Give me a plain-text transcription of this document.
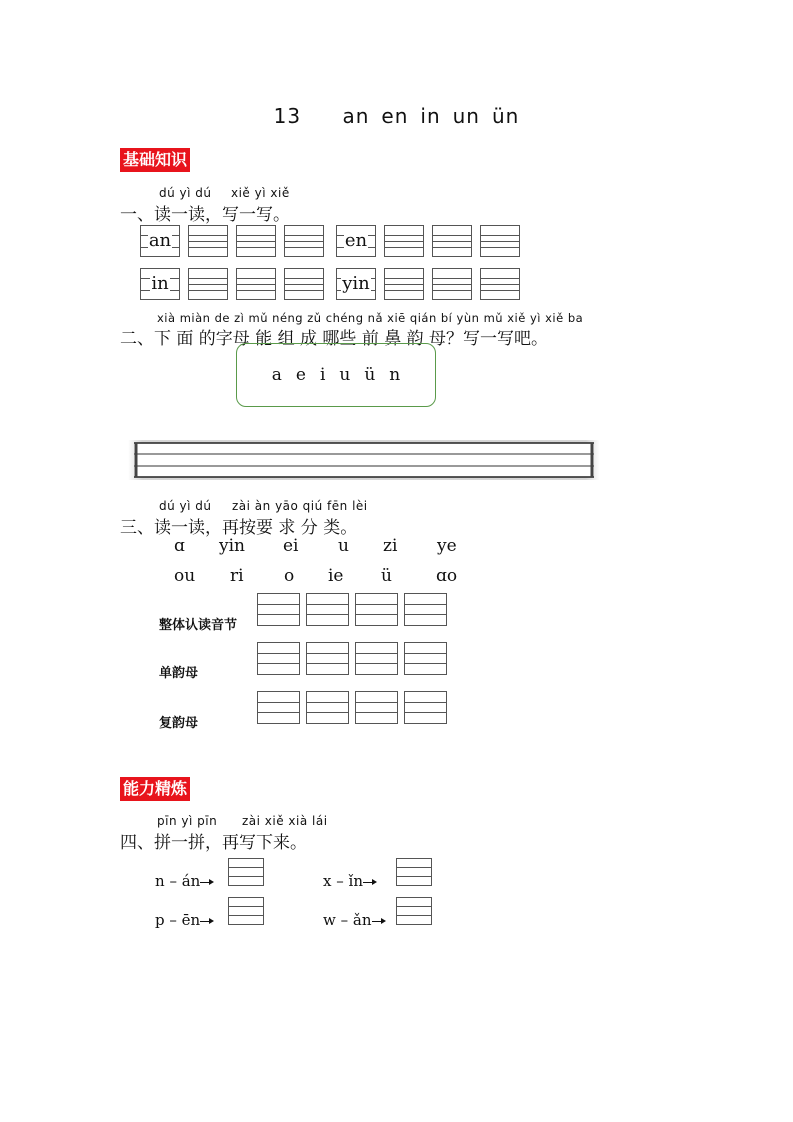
13 an en in un ün
基础知识
dú yì dú xiě yì xiě
一、读一读，写一写。
an	en
in	yin
xià miàn de zì mǔ néng zǔ chéng nǎ xiē qián bí yùn mǔ xiě yì xiě ba
二、下 面 的字母 能 组 成 哪些 前 鼻 韵 母？写一写吧。
a e i u ü n
dú yì dú zài àn yāo qiú fēn lèi
三、读一读，再按要 求 分 类。
ɑ yin ei u zi ye
ou ri o ie ü	ɑo
整体认读音节
单韵母
复韵母
能力精炼
pīn yì pīn zài xiě xià lái
四、拼一拼，再写下来。
n – án	x – ǐn
p – ēn	w – ǎn
